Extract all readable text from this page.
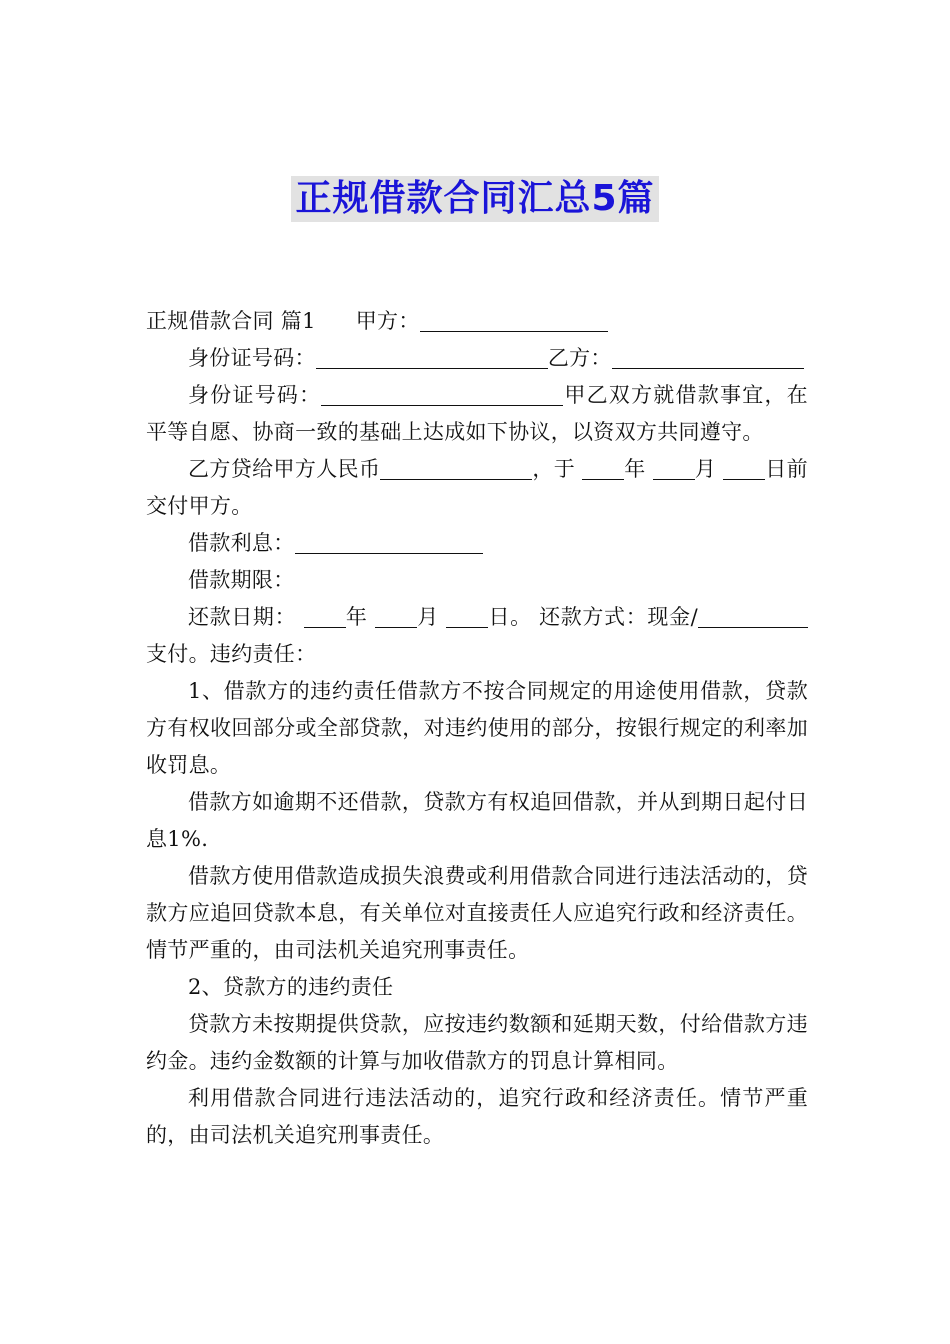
正规借款合同汇总5篇

正规借款合同 篇1 甲方：

身份证号码：	乙方：

身份证号码：	甲乙双方就借款事宜，在平等自愿、协商一致的基础上达成如下协议，以资双方共同遵守。

乙方贷给甲方人民币	，于 年 月 日前交付甲方。

借款利息：

借款期限：

还款日期： 年 月 日。 还款方式：现金/支付。违约责任：

1、借款方的违约责任借款方不按合同规定的用途使用借款，贷款方有权收回部分或全部贷款，对违约使用的部分，按银行规定的利率加收罚息。

借款方如逾期不还借款，贷款方有权追回借款，并从到期日起付日息1%.

借款方使用借款造成损失浪费或利用借款合同进行违法活动的，贷款方应追回贷款本息，有关单位对直接责任人应追究行政和经济责任。情节严重的，由司法机关追究刑事责任。

2、贷款方的违约责任

贷款方未按期提供贷款，应按违约数额和延期天数，付给借款方违约金。违约金数额的计算与加收借款方的罚息计算相同。

利用借款合同进行违法活动的，追究行政和经济责任。情节严重的，由司法机关追究刑事责任。
